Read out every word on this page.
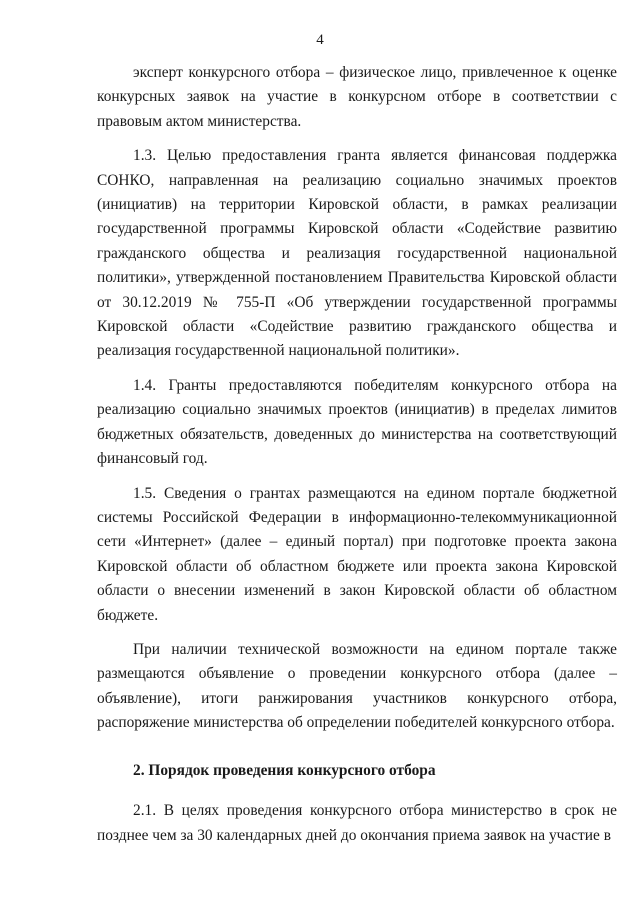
4

эксперт конкурсного отбора – физическое лицо, привлеченное к оценке конкурсных заявок на участие в конкурсном отборе в соответствии с правовым актом министерства.

1.3. Целью предоставления гранта является финансовая поддержка СОНКО, направленная на реализацию социально значимых проектов (инициатив) на территории Кировской области, в рамках реализации государственной программы Кировской области «Содействие развитию гражданского общества и реализация государственной национальной политики», утвержденной постановлением Правительства Кировской области от 30.12.2019 № 755-П «Об утверждении государственной программы Кировской области «Содействие развитию гражданского общества и реализация государственной национальной политики».

1.4. Гранты предоставляются победителям конкурсного отбора на реализацию социально значимых проектов (инициатив) в пределах лимитов бюджетных обязательств, доведенных до министерства на соответствующий финансовый год.

1.5. Сведения о грантах размещаются на едином портале бюджетной системы Российской Федерации в информационно-телекоммуникационной сети «Интернет» (далее – единый портал) при подготовке проекта закона Кировской области об областном бюджете или проекта закона Кировской области о внесении изменений в закон Кировской области об областном бюджете.

При наличии технической возможности на едином портале также размещаются объявление о проведении конкурсного отбора (далее – объявление), итоги ранжирования участников конкурсного отбора, распоряжение министерства об определении победителей конкурсного отбора.

2. Порядок проведения конкурсного отбора

2.1. В целях проведения конкурсного отбора министерство в срок не позднее чем за 30 календарных дней до окончания приема заявок на участие в
